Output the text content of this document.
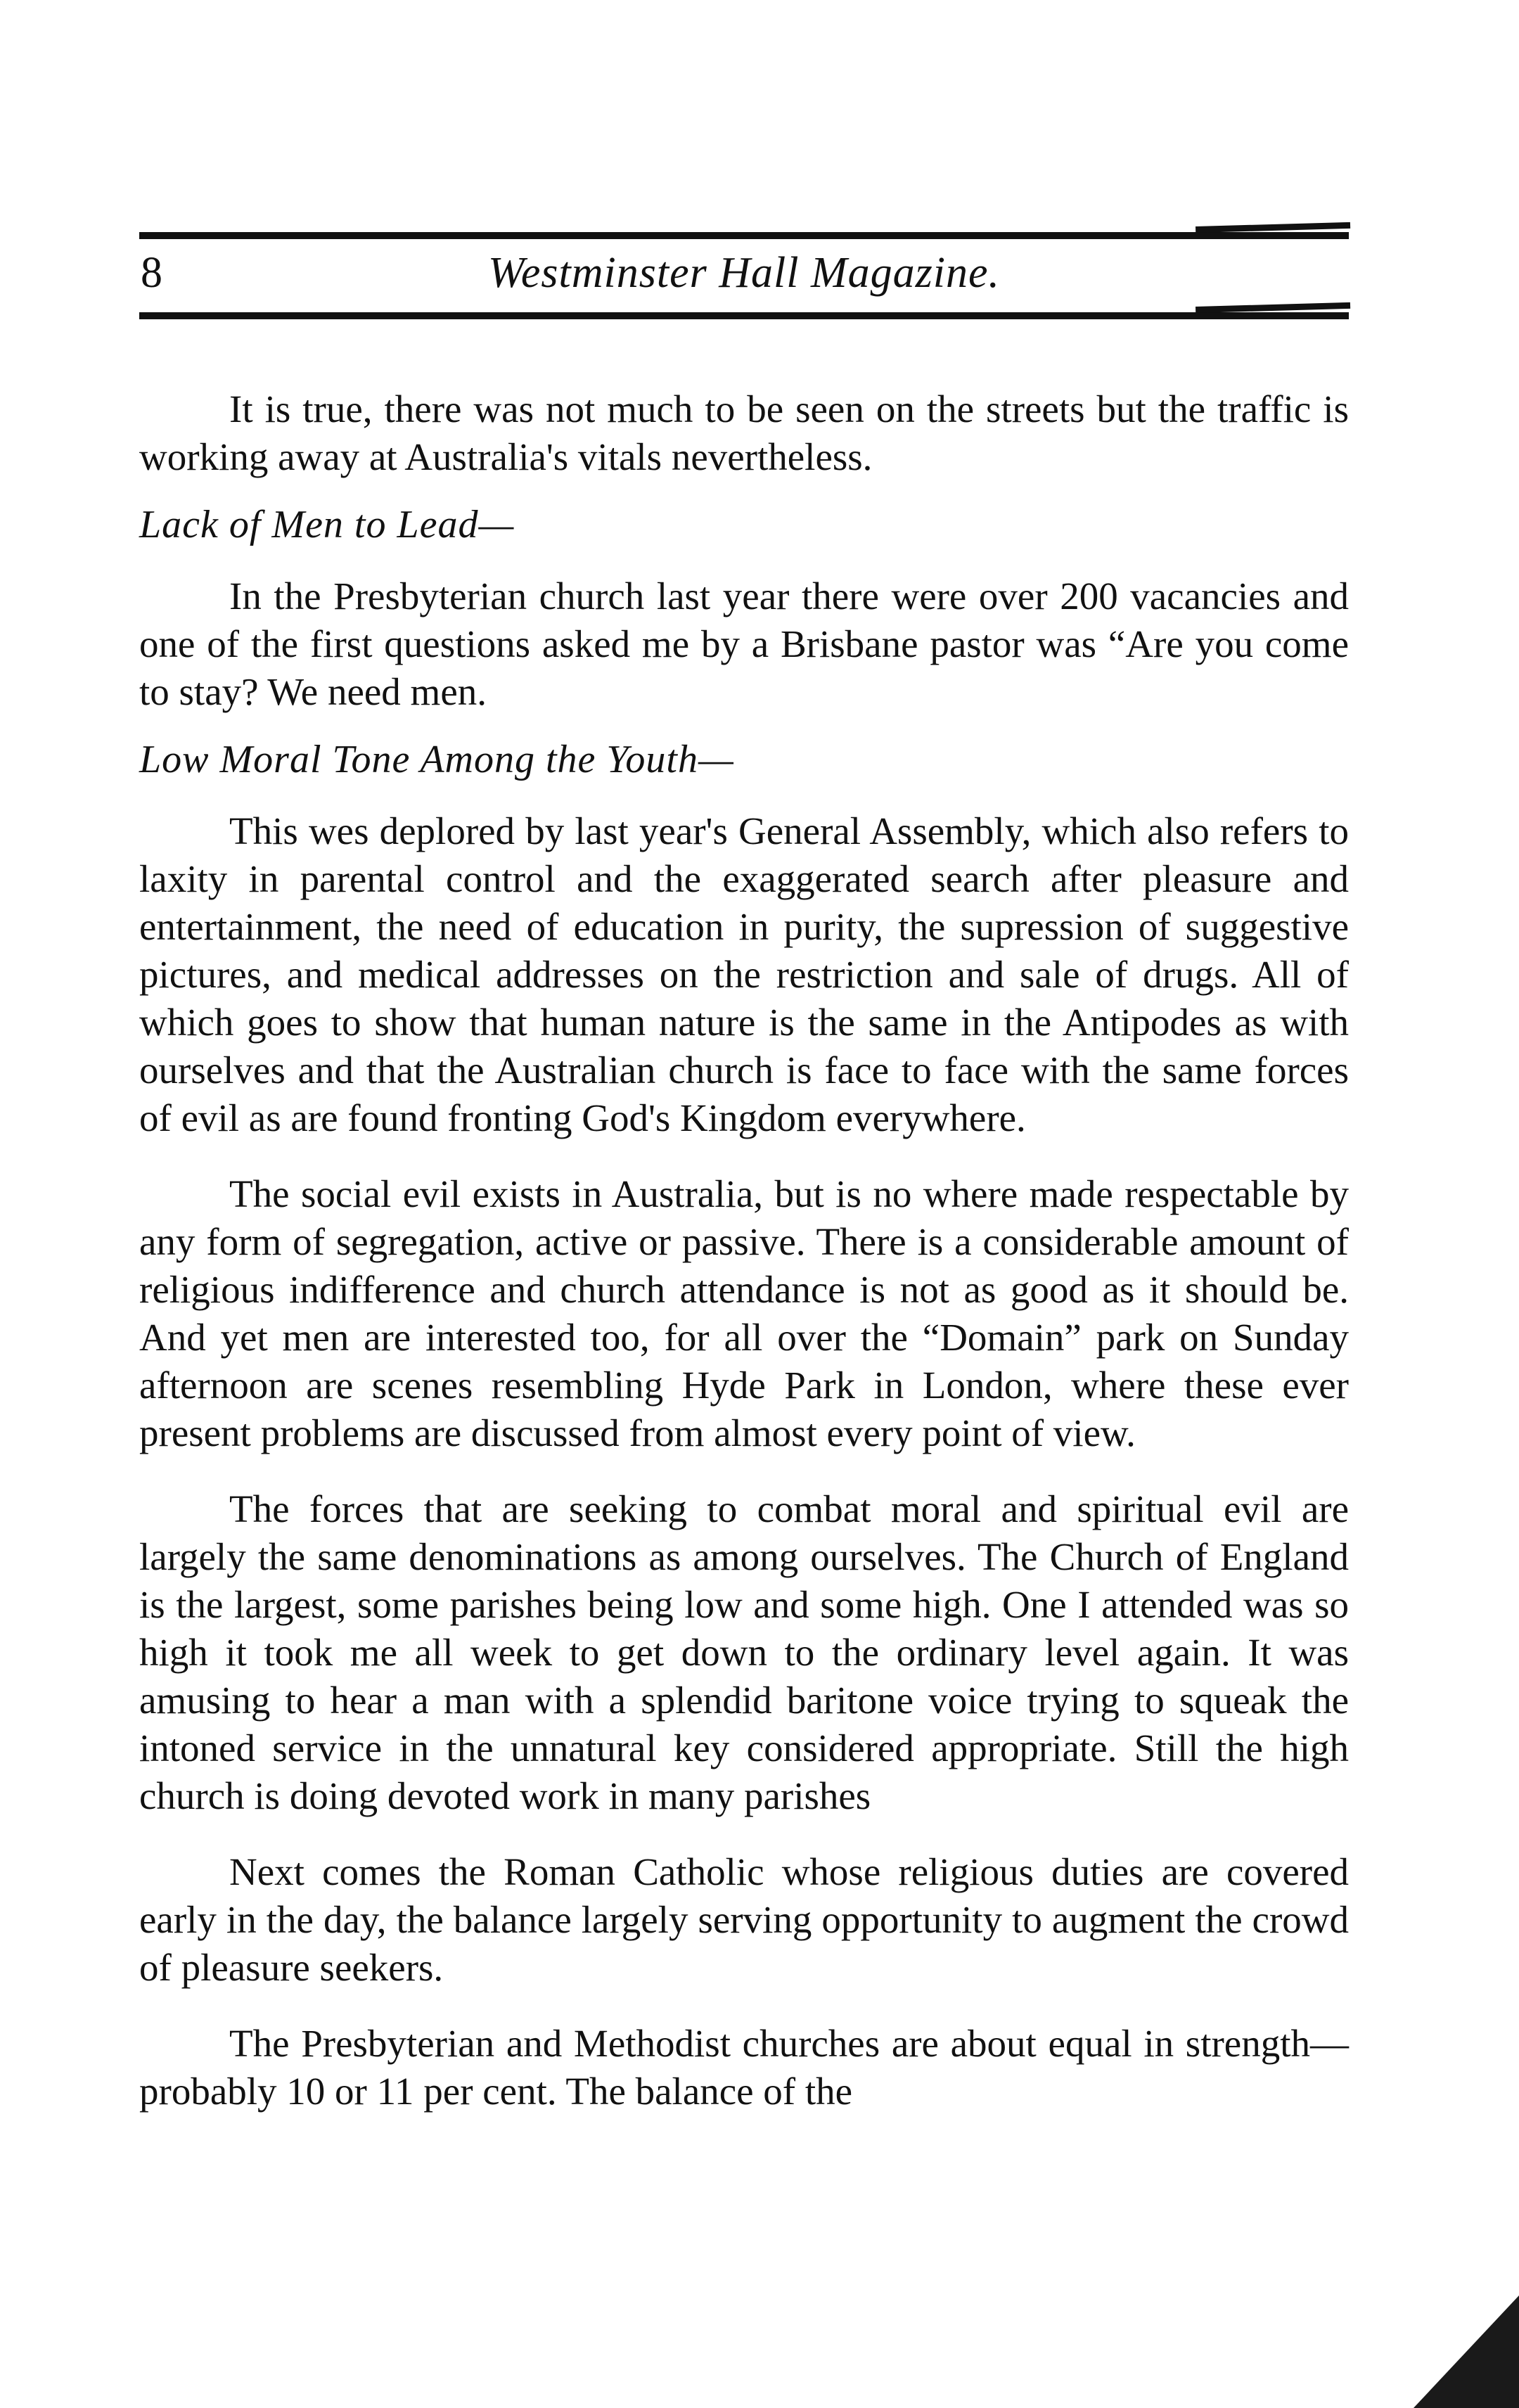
8	Westminster Hall Magazine.

It is true, there was not much to be seen on the streets but the traffic is working away at Australia's vitals nevertheless.

Lack of Men to Lead—

In the Presbyterian church last year there were over 200 vacancies and one of the first questions asked me by a Brisbane pastor was “Are you come to stay? We need men.

Low Moral Tone Among the Youth—

This wes deplored by last year's General Assembly, which also refers to laxity in parental control and the exaggerated search after pleasure and entertainment, the need of education in purity, the supression of suggestive pictures, and medical addresses on the restriction and sale of drugs. All of which goes to show that human nature is the same in the Antipodes as with ourselves and that the Australian church is face to face with the same forces of evil as are found fronting God's Kingdom everywhere.

The social evil exists in Australia, but is no where made respectable by any form of segregation, active or passive. There is a considerable amount of religious indifference and church attendance is not as good as it should be. And yet men are interested too, for all over the “Domain” park on Sunday afternoon are scenes resembling Hyde Park in London, where these ever present problems are discussed from almost every point of view.

The forces that are seeking to combat moral and spiritual evil are largely the same denominations as among ourselves. The Church of England is the largest, some parishes being low and some high. One I attended was so high it took me all week to get down to the ordinary level again. It was amusing to hear a man with a splendid baritone voice trying to squeak the intoned service in the unnatural key considered appropriate. Still the high church is doing devoted work in many parishes

Next comes the Roman Catholic whose religious duties are covered early in the day, the balance largely serving opportunity to augment the crowd of pleasure seekers.

The Presbyterian and Methodist churches are about equal in strength—probably 10 or 11 per cent. The balance of the
